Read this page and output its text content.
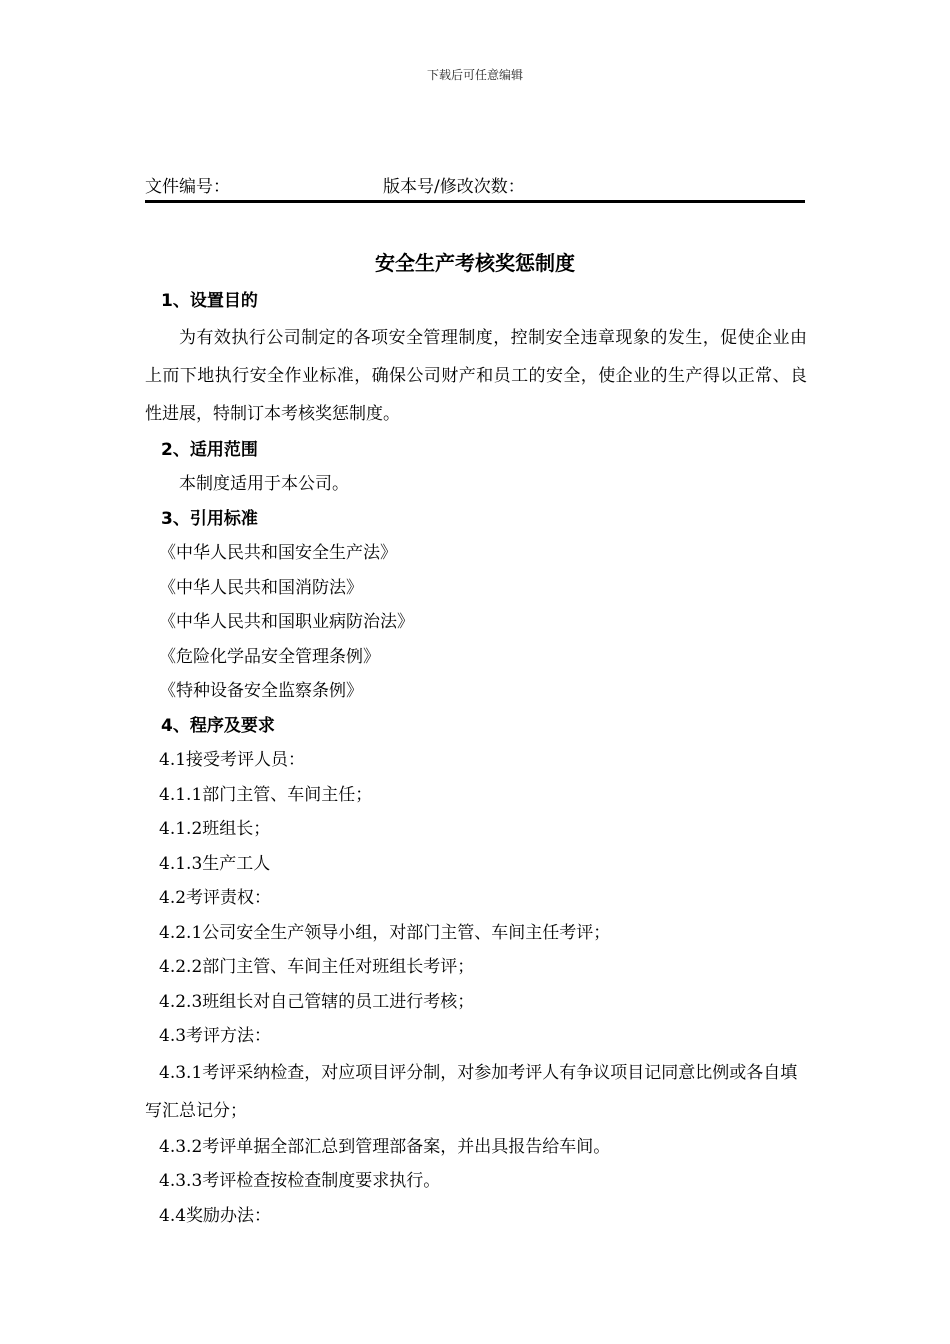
下载后可任意编辑
文件编号：	版本号/修改次数：
安全生产考核奖惩制度
1、设置目的

为有效执行公司制定的各项安全管理制度，控制安全违章现象的发生，促使企业由上而下地执行安全作业标准，确保公司财产和员工的安全，使企业的生产得以正常、良性进展，特制订本考核奖惩制度。

2、适用范围
本制度适用于本公司。
3、引用标准
《中华人民共和国安全生产法》
《中华人民共和国消防法》
《中华人民共和国职业病防治法》
《危险化学品安全管理条例》
《特种设备安全监察条例》
4、程序及要求
4.1接受考评人员：
4.1.1部门主管、车间主任；
4.1.2班组长；
4.1.3生产工人
4.2考评责权：
4.2.1公司安全生产领导小组，对部门主管、车间主任考评；
4.2.2部门主管、车间主任对班组长考评；
4.2.3班组长对自己管辖的员工进行考核；
4.3考评方法：

4.3.1考评采纳检查，对应项目评分制，对参加考评人有争议项目记同意比例或各自填写汇总记分；

4.3.2考评单据全部汇总到管理部备案，并出具报告给车间。
4.3.3考评检查按检查制度要求执行。
4.4奖励办法：
